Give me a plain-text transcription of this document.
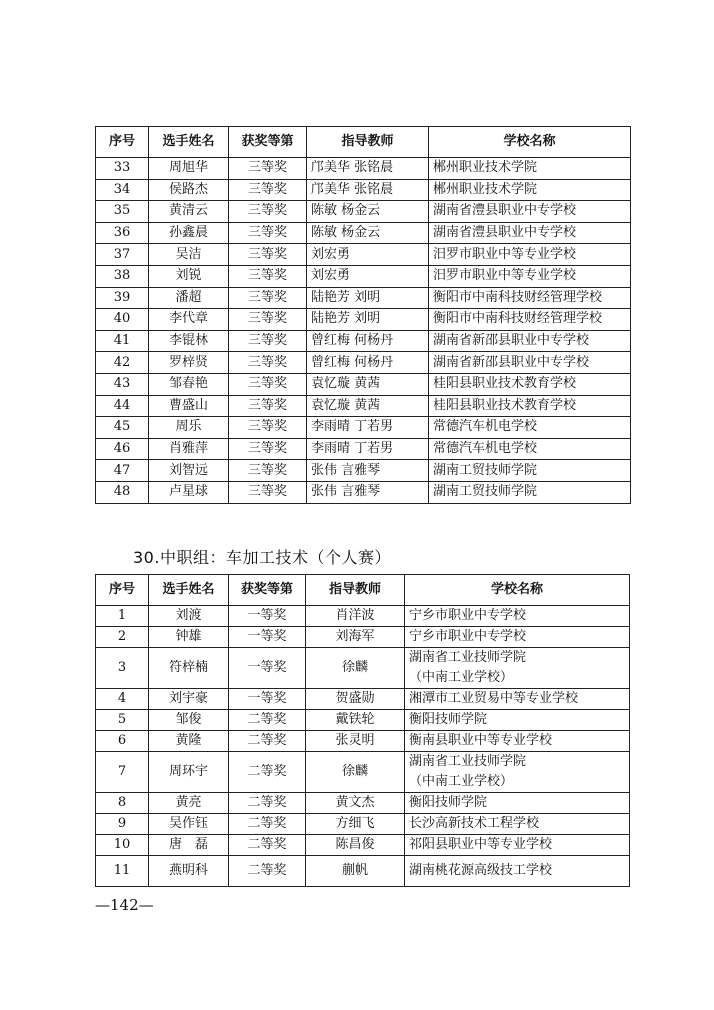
序号	选手姓名	获奖等第	指导教师	学校名称
33	周旭华	三等奖	邝美华 张铭晨	郴州职业技术学院
34	侯路杰	三等奖	邝美华 张铭晨	郴州职业技术学院
35	黄清云	三等奖	陈敏 杨金云	湖南省澧县职业中专学校
36	孙鑫晨	三等奖	陈敏 杨金云	湖南省澧县职业中专学校
37	吴洁	三等奖	刘宏勇	汨罗市职业中等专业学校
38	刘锐	三等奖	刘宏勇	汨罗市职业中等专业学校
39	潘超	三等奖	陆艳芳 刘明	衡阳市中南科技财经管理学校
40	李代章	三等奖	陆艳芳 刘明	衡阳市中南科技财经管理学校
41	李锟林	三等奖	曾红梅 何杨丹	湖南省新邵县职业中专学校
42	罗梓贤	三等奖	曾红梅 何杨丹	湖南省新邵县职业中专学校
43	邹春艳	三等奖	袁忆璇 黄茜	桂阳县职业技术教育学校
44	曹盛山	三等奖	袁忆璇 黄茜	桂阳县职业技术教育学校
45	周乐	三等奖	李雨晴 丁若男	常德汽车机电学校
46	肖雅萍	三等奖	李雨晴 丁若男	常德汽车机电学校
47	刘智远	三等奖	张伟 言雅琴	湖南工贸技师学院
48	卢星球	三等奖	张伟 言雅琴	湖南工贸技师学院
30.中职组：车加工技术（个人赛）
序号	选手姓名	获奖等第	指导教师	学校名称
1	刘渡	一等奖	肖洋波	宁乡市职业中专学校
2	钟雄	一等奖	刘海军	宁乡市职业中专学校
3	符梓楠	一等奖	徐麟	湖南省工业技师学院
（中南工业学校）

4	刘宇豪	一等奖	贺盛勋	湘潭市工业贸易中等专业学校
5	邹俊	二等奖	戴铁轮	衡阳技师学院
6	黄隆	二等奖	张灵明	衡南县职业中等专业学校
7	周环宇	二等奖	徐麟	湖南省工业技师学院
（中南工业学校）

8	黄亮	二等奖	黄文杰	衡阳技师学院
9	吴作钰	二等奖	方细飞	长沙高新技术工程学校
10	唐　磊	二等奖	陈昌俊	祁阳县职业中等专业学校
11	燕明科	二等奖	蒯帆	湖南桃花源高级技工学校
—142—
